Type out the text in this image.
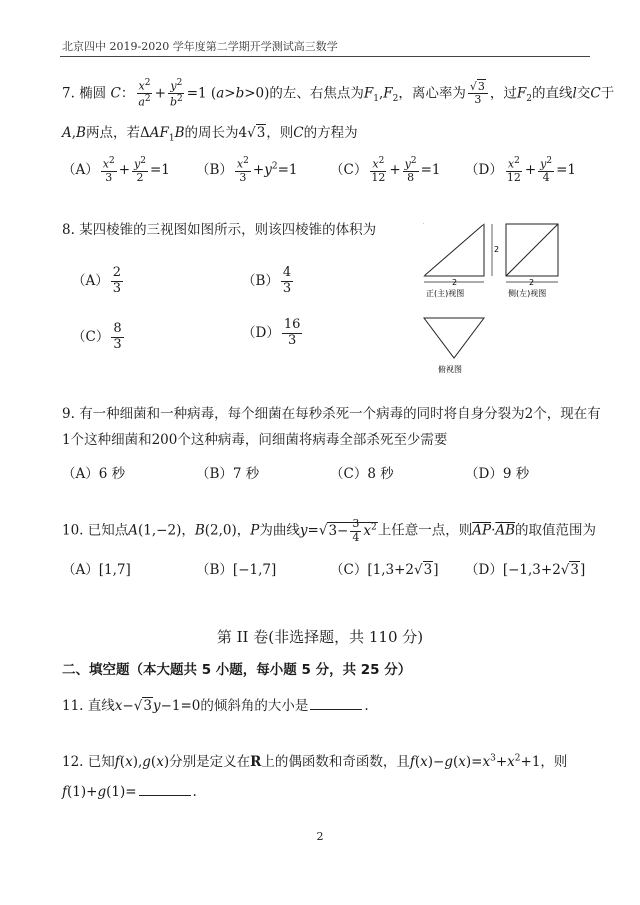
北京四中 2019-2020 学年度第二学期开学测试高三数学
7. 椭圆 C： $\frac{x^2}{a^2} + \frac{y^2}{b^2} =1$ (a>b>0)的左、右焦点为$F_1,F_2$，离心率为 $\frac{√3}{3}$ ，过$F_2$的直线l交C于
A,B两点，若$\Delta AF_1B$的周长为4√3，则C的方程为
$(A) \frac{x^2}{3} + \frac{y^2}{2} =1$ $(B) \frac{x^2}{3} +y^2=1$ $(C) \frac{x^2}{12} + \frac{y^2}{8} =1$ $(D) \frac{x^2}{12} + \frac{y^2}{4} =1$
8. 某四棱锥的三视图如图所示，则该四棱锥的体积为
$(A) \frac{2}{3}$	$(B) \frac{4}{3}$
$(C) \frac{8}{3}$	$(D) \frac{16}{3}$
2
2
正(主)视图
2
侧(左)视图
俯视图
9. 有一种细菌和一种病毒，每个细菌在每秒杀死一个病毒的同时将自身分裂为2个，现在有
1个这种细菌和200个这种病毒，问细菌将病毒全部杀死至少需要
（A）6 秒	（B）7 秒	（C）8 秒	（D）9 秒
10. 已知点A(1,−2)，B(2,0)，P为曲线$y=√3- \frac{3}{4} x^2$上任意一点，则$\overline{AP}\cdot\overline{AB}$的取值范围为
（A）[1,7]	（B）[−1,7]	（C）[1,3+2√3] （D）[−1,3+2√3]
第 II 卷(非选择题，共 110 分)
二、填空题（本大题共 5 小题，每小题 5 分，共 25 分）
11. 直线x−√3y−1=0的倾斜角的大小是	.
12. 已知f(x),g(x)分别是定义在R上的偶函数和奇函数，且$f(x)-g(x)=x^3+x^2+1$，则
f(1)+g(1)=	.
2
